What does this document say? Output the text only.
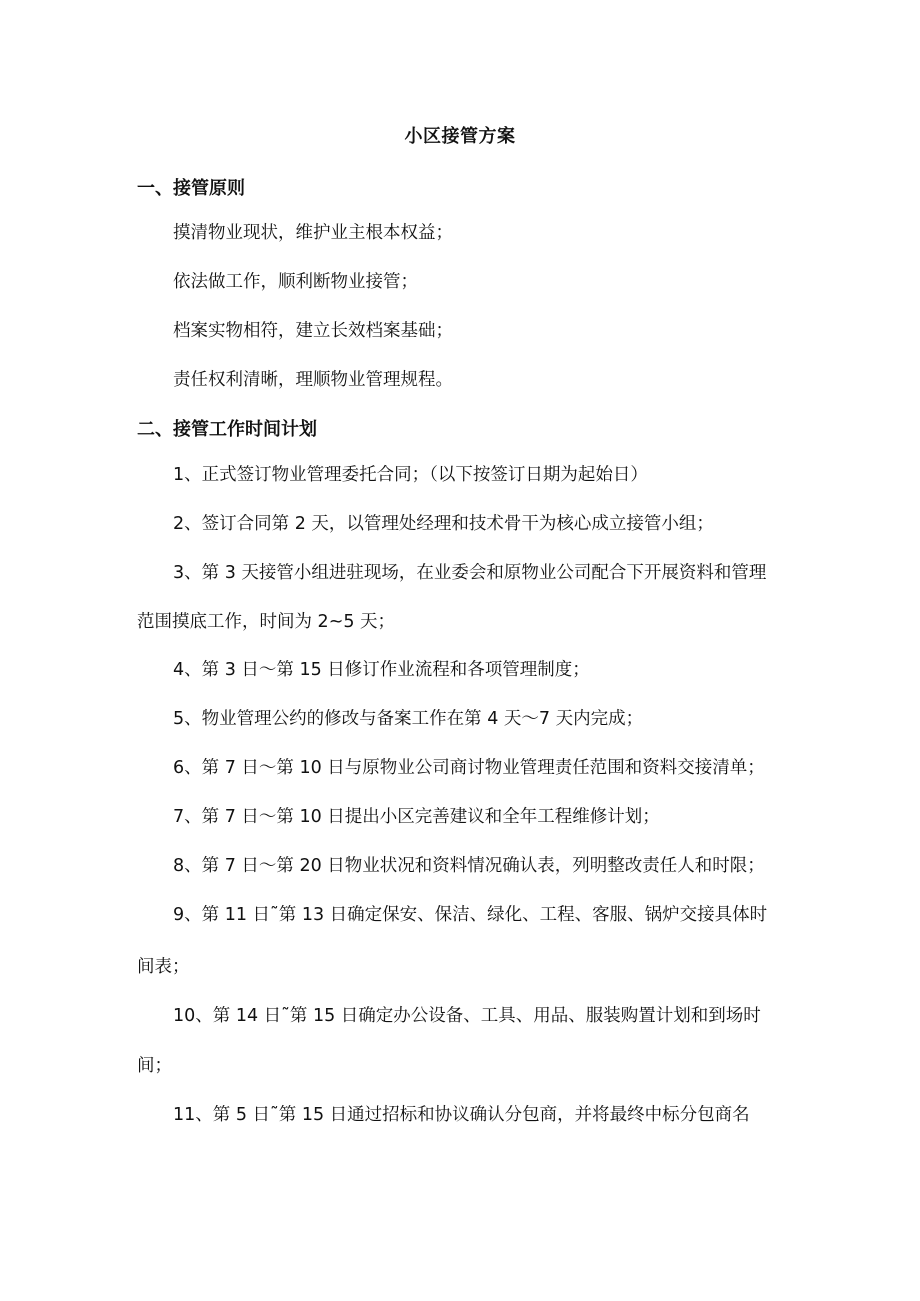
小区接管方案
一、接管原则
摸清物业现状，维护业主根本权益；
依法做工作，顺利断物业接管；
档案实物相符，建立长效档案基础；
责任权利清晰，理顺物业管理规程。
二、接管工作时间计划
1、正式签订物业管理委托合同；（以下按签订日期为起始日）
2、签订合同第 2 天，以管理处经理和技术骨干为核心成立接管小组；
3、第 3 天接管小组进驻现场，在业委会和原物业公司配合下开展资料和管理
范围摸底工作，时间为 2~5 天；
4、第 3 日～第 15 日修订作业流程和各项管理制度；
5、物业管理公约的修改与备案工作在第 4 天～7 天内完成；
6、第 7 日～第 10 日与原物业公司商讨物业管理责任范围和资料交接清单；
7、第 7 日～第 10 日提出小区完善建议和全年工程维修计划；
8、第 7 日～第 20 日物业状况和资料情况确认表，列明整改责任人和时限；
9、第 11 日˜第 13 日确定保安、保洁、绿化、工程、客服、锅炉交接具体时
间表；
10、第 14 日˜第 15 日确定办公设备、工具、用品、服装购置计划和到场时
间；
11、第 5 日˜第 15 日通过招标和协议确认分包商，并将最终中标分包商名
